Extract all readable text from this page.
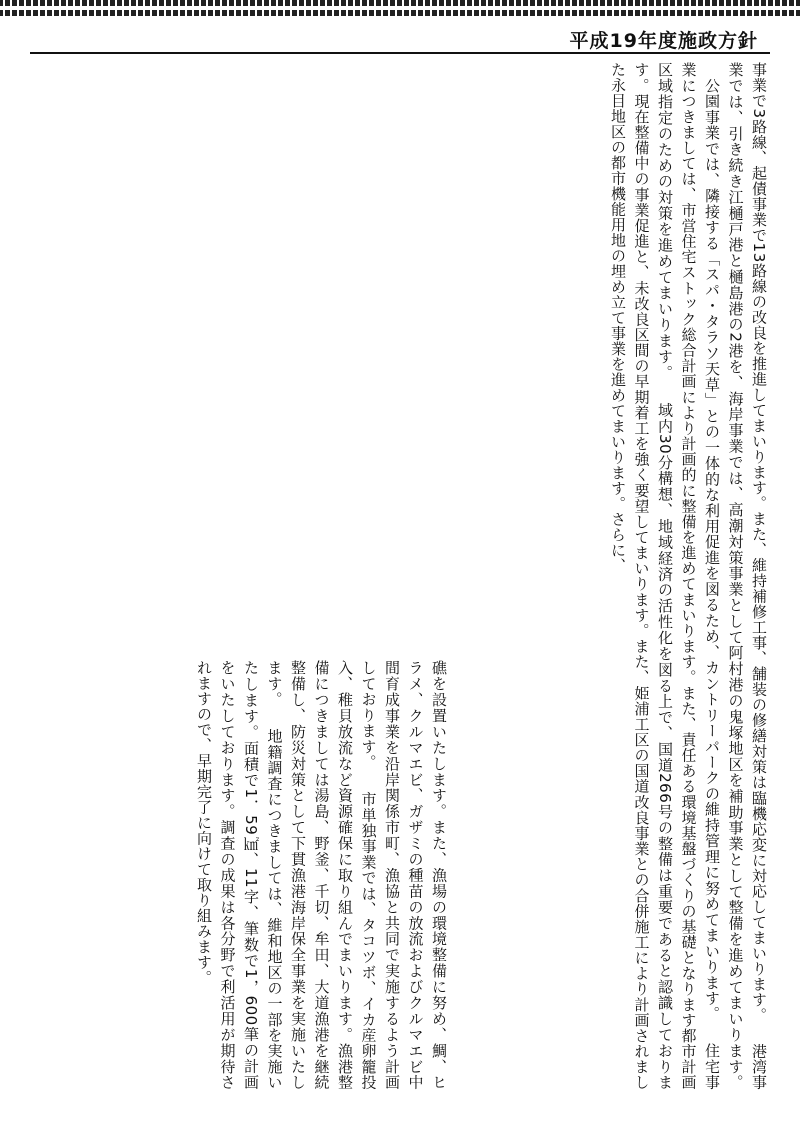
平成19年度施政方針
事業で3路線、起債事業で13路線の改良を推進してまいります。また、維持補修工事、舗装の修繕対策は臨機応変に対応してまいります。 　港湾事業では、引き続き江樋戸港と樋島港の2港を、海岸事業では、高潮対策事業として阿村港の鬼塚地区を補助事業として整備を進めてまいります。 　公園事業では、隣接する「スパ・タラソ天草」との一体的な利用促進を図るため、カントリーパークの維持管理に努めてまいります。 　住宅事業につきましては、市営住宅ストック総合計画により計画的に整備を進めてまいります。また、責任ある環境基盤づくりの基礎となります都市計画区域指定のための対策を進めてまいります。 　域内30分構想、地域経済の活性化を図る上で、国道266号の整備は重要であると認識しております。現在整備中の事業促進と、未改良区間の早期着工を強く要望してまいります。また、姫浦工区の国道改良事業との合併施工により計画されました永目地区の都市機能用地の埋め立て事業を進めてまいります。さらに、
礁を設置いたします。また、漁場の環境整備に努め、鯛、ヒラメ、クルマエビ、ガザミの種苗の放流およびクルマエビ中間育成事業を沿岸関係市町、漁協と共同で実施するよう計画しております。 　市単独事業では、タコツボ、イカ産卵籠投入、稚貝放流など資源確保に取り組んでまいります。漁港整備につきましては湯島、野釜、千切、牟田、大道漁港を継続整備し、防災対策として下貫漁港海岸保全事業を実施いたします。 　地籍調査につきましては、維和地区の一部を実施いたします。面積で1．59㎢、11字、筆数で1，600筆の計画をいたしております。調査の成果は各分野で利活用が期待されますので、早期完了に向けて取り組みます。
